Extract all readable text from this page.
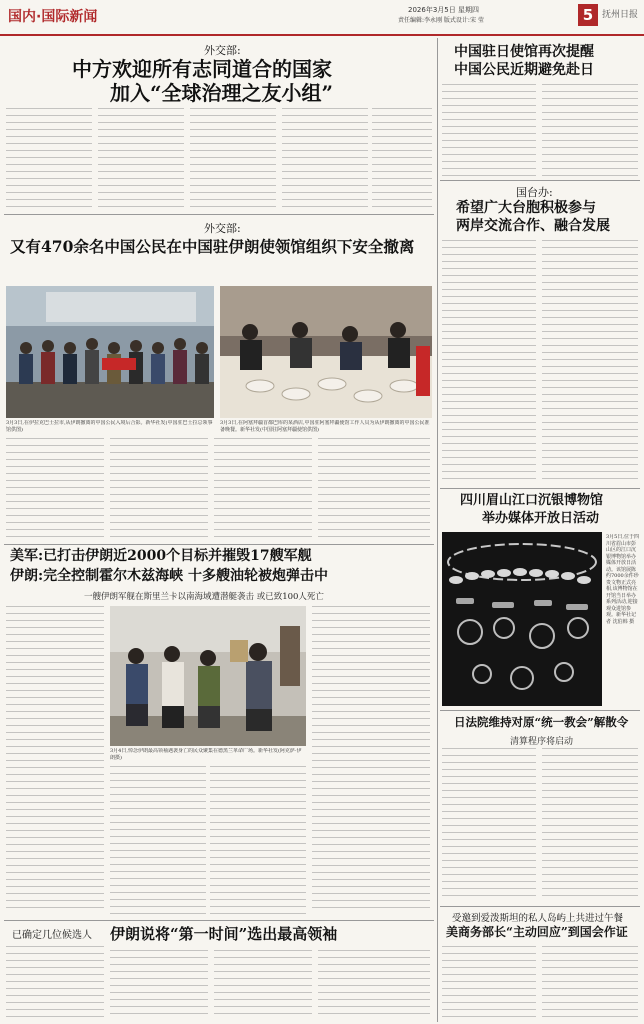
国内·国际新闻	2026年3月5日 星期四
责任编辑:李永刚 版式设计:宋 莹	5 抚州日报
外交部:
中方欢迎所有志同道合的国家
加入“全球治理之友小组”
外交部:
又有470余名中国公民在中国驻伊朗使领馆组织下安全撤离
3月3日,在伊拉克巴士拉市,从伊朗撤离的中国公民入境后合影。新华社发(中国驻巴士拉总领事馆供图)
3月3日,在阿塞拜疆首都巴库的某酒店,中国驻阿塞拜疆使馆工作人员为从伊朗撤离的中国公民准备晚餐。新华社发(中国驻阿塞拜疆使馆供图)
美军:已打击伊朗近2000个目标并摧毁17艘军舰
伊朗:完全控制霍尔木兹海峡 十多艘油轮被炮弹击中
一艘伊朗军舰在斯里兰卡以南海域遭潜艇袭击 或已致100人死亡
3月4日,悼念伊朗最高领袖遇袭身亡的民众聚集在德黑兰革命广场。新华社发(阿克萨·伊朗摄)
已确定几位候选人 伊朗说将“第一时间”选出最高领袖
中国驻日使馆再次提醒
中国公民近期避免赴日
国台办:
希望广大台胞积极参与
两岸交流合作、融合发展
四川眉山江口沉银博物馆
举办媒体开放日活动
3月5日,位于四川省眉山市彭山区的江口沉银博物馆举办媒体开放日活动。该馆展陈约7000余件珍贵文物正式亮相,该博物馆在开馆当日举办系列活动,迎接观众进馆参观。新华社记者 沈伯韩 摄
日法院维持对原“统一教会”解散令
清算程序将启动
受邀到爱泼斯坦的私人岛屿上共进过午餐
美商务部长“主动回应”到国会作证
